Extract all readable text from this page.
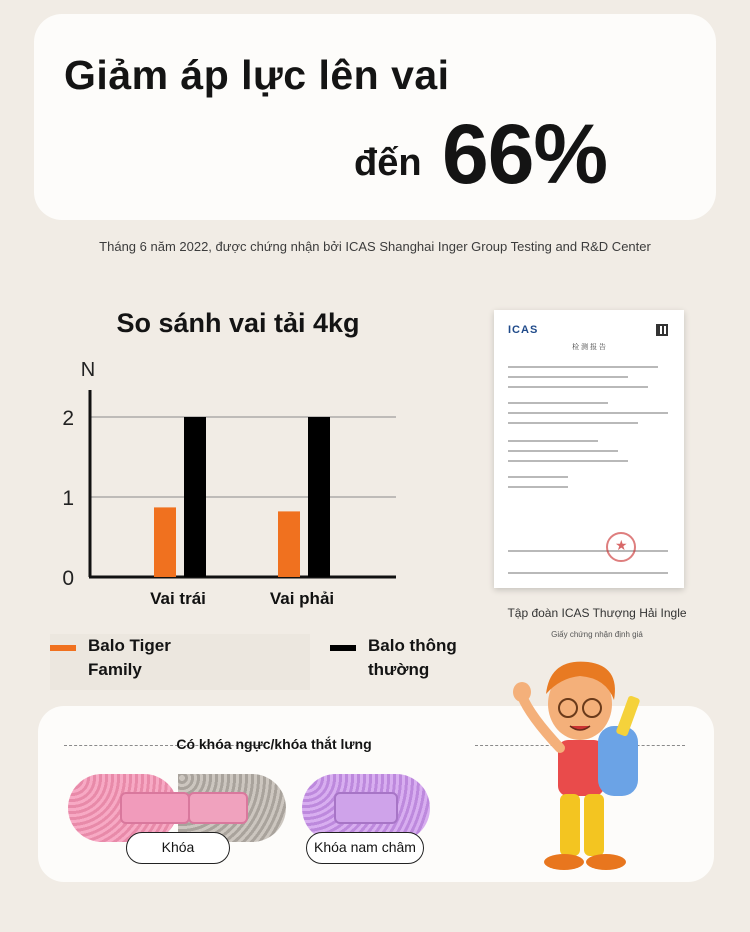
Giảm áp lực lên vai
đến 66%
Tháng 6 năm 2022, được chứng nhận bởi ICAS Shanghai Inger Group Testing and R&D Center
So sánh vai tải 4kg
0
1
2
N
Vai trái	Vai phải
Balo Tiger
Family
Balo thông
thường
ICAS
检 测 报 告
★
Tập đoàn ICAS Thượng Hải Ingle
Giấy chứng nhận định giá
Có khóa ngực/khóa thắt lưng
Khóa	Khóa nam châm
